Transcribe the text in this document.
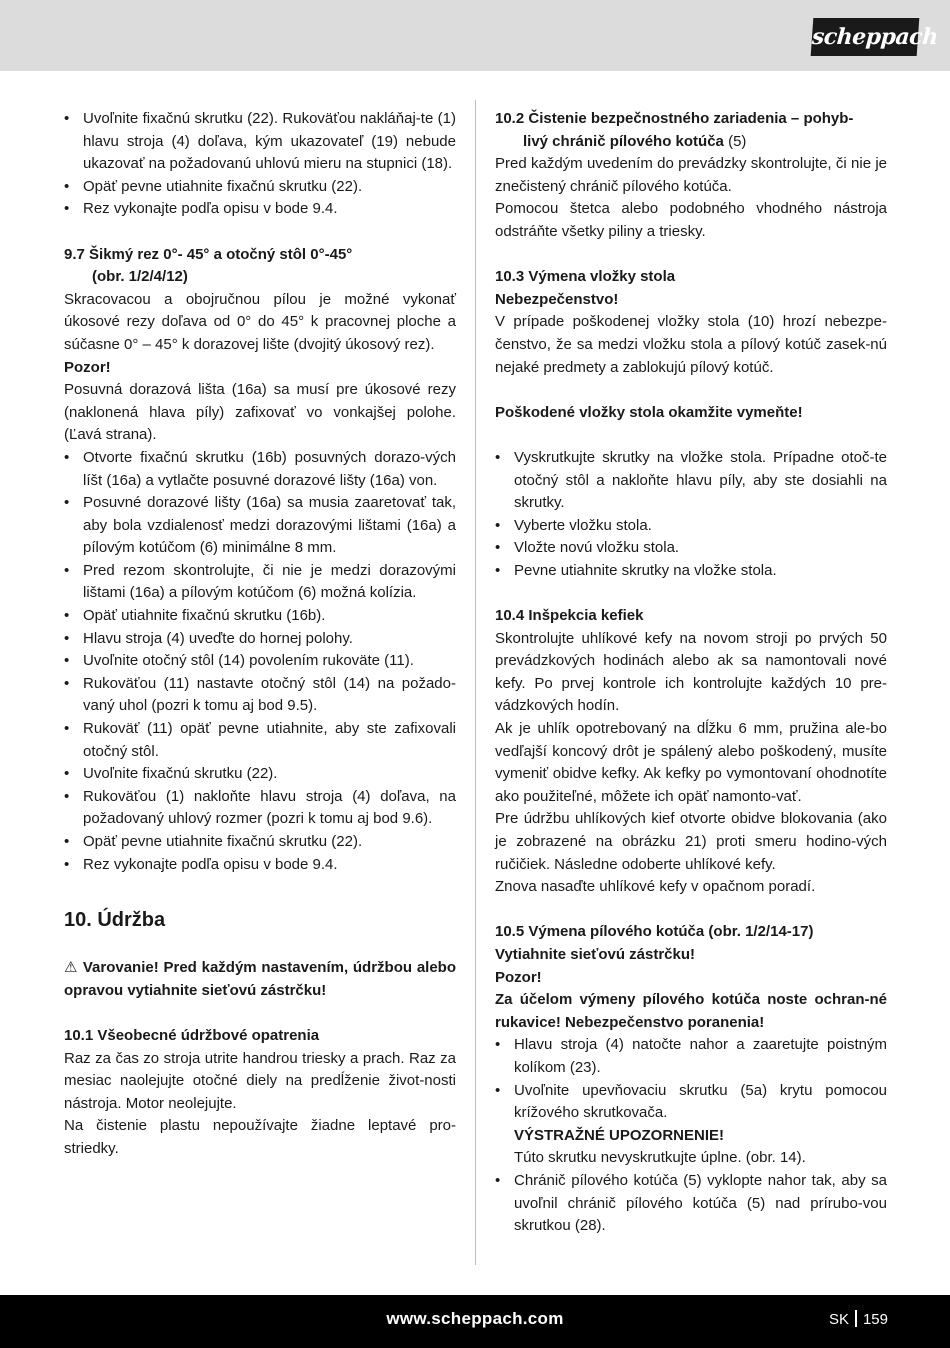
scheppach
• Uvoľnite fixačnú skrutku (22). Rukoväťou nakláňaj-te (1) hlavu stroja (4) doľava, kým ukazovateľ (19) nebude ukazovať na požadovanú uhlovú mieru na stupnici (18).
• Opäť pevne utiahnite fixačnú skrutku (22).
• Rez vykonajte podľa opisu v bode 9.4.
9.7 Šikmý rez 0°- 45° a otočný stôl 0°-45°
(obr. 1/2/4/12)

Skracovacou a obojručnou pílou je možné vykonať úkosové rezy doľava od 0° do 45° k pracovnej ploche a súčasne 0° – 45° k dorazovej lište (dvojitý úkosový rez).

Pozor!

Posuvná dorazová lišta (16a) sa musí pre úkosové rezy (naklonená hlava píly) zafixovať vo vonkajšej polohe. (Ľavá strana).

• Otvorte fixačnú skrutku (16b) posuvných dorazo-vých líšt (16a) a vytlačte posuvné dorazové lišty (16a) von.
• Posuvné dorazové lišty (16a) sa musia zaaretovať tak, aby bola vzdialenosť medzi dorazovými lištami (16a) a pílovým kotúčom (6) minimálne 8 mm.
• Pred rezom skontrolujte, či nie je medzi dorazovými lištami (16a) a pílovým kotúčom (6) možná kolízia.
• Opäť utiahnite fixačnú skrutku (16b).
• Hlavu stroja (4) uveďte do hornej polohy.
• Uvoľnite otočný stôl (14) povolením rukoväte (11).
• Rukoväťou (11) nastavte otočný stôl (14) na požado-vaný uhol (pozri k tomu aj bod 9.5).
• Rukoväť (11) opäť pevne utiahnite, aby ste zafixovali otočný stôl.
• Uvoľnite fixačnú skrutku (22).
• Rukoväťou (1) nakloňte hlavu stroja (4) doľava, na požadovaný uhlový rozmer (pozri k tomu aj bod 9.6).
• Opäť pevne utiahnite fixačnú skrutku (22).
• Rez vykonajte podľa opisu v bode 9.4.

10. Údržba

⚠ Varovanie! Pred každým nastavením, údržbou alebo opravou vytiahnite sieťovú zástrčku!

10.1 Všeobecné údržbové opatrenia

Raz za čas zo stroja utrite handrou triesky a prach. Raz za mesiac naolejujte otočné diely na predĺženie život-nosti nástroja. Motor neolejujte.

Na čistenie plastu nepoužívajte žiadne leptavé pro-striedky.

10.2 Čistenie bezpečnostného zariadenia – pohyb-
livý chránič pílového kotúča (5)

Pred každým uvedením do prevádzky skontrolujte, či nie je znečistený chránič pílového kotúča.

Pomocou štetca alebo podobného vhodného nástroja odstráňte všetky piliny a triesky.

10.3 Výmena vložky stola

Nebezpečenstvo!

V prípade poškodenej vložky stola (10) hrozí nebezpe-čenstvo, že sa medzi vložku stola a pílový kotúč zasek-nú nejaké predmety a zablokujú pílový kotúč.

Poškodené vložky stola okamžite vymeňte!

• Vyskrutkujte skrutky na vložke stola. Prípadne otoč-te otočný stôl a nakloňte hlavu píly, aby ste dosiahli na skrutky.
• Vyberte vložku stola.
• Vložte novú vložku stola.
• Pevne utiahnite skrutky na vložke stola.

10.4 Inšpekcia kefiek

Skontrolujte uhlíkové kefy na novom stroji po prvých 50 prevádzkových hodinách alebo ak sa namontovali nové kefy. Po prvej kontrole ich kontrolujte každých 10 pre-vádzkových hodín.

Ak je uhlík opotrebovaný na dĺžku 6 mm, pružina ale-bo vedľajší koncový drôt je spálený alebo poškodený, musíte vymeniť obidve kefky. Ak kefky po vymontovaní ohodnotíte ako použiteľné, môžete ich opäť namonto-vať.

Pre údržbu uhlíkových kief otvorte obidve blokovania (ako je zobrazené na obrázku 21) proti smeru hodino-vých ručičiek. Následne odoberte uhlíkové kefy.

Znova nasaďte uhlíkové kefy v opačnom poradí.

10.5 Výmena pílového kotúča (obr. 1/2/14-17)

Vytiahnite sieťovú zástrčku!

Pozor!

Za účelom výmeny pílového kotúča noste ochran-né rukavice! Nebezpečenstvo poranenia!

• Hlavu stroja (4) natočte nahor a zaaretujte poistným kolíkom (23).
• Uvoľnite upevňovaciu skrutku (5a) krytu pomocou krížového skrutkovača.
VÝSTRAŽNÉ UPOZORNENIE!
Túto skrutku nevyskrutkujte úplne. (obr. 14).
• Chránič pílového kotúča (5) vyklopte nahor tak, aby sa uvoľnil chránič pílového kotúča (5) nad prírubo-vou skrutkou (28).
www.scheppach.com	SK 159
